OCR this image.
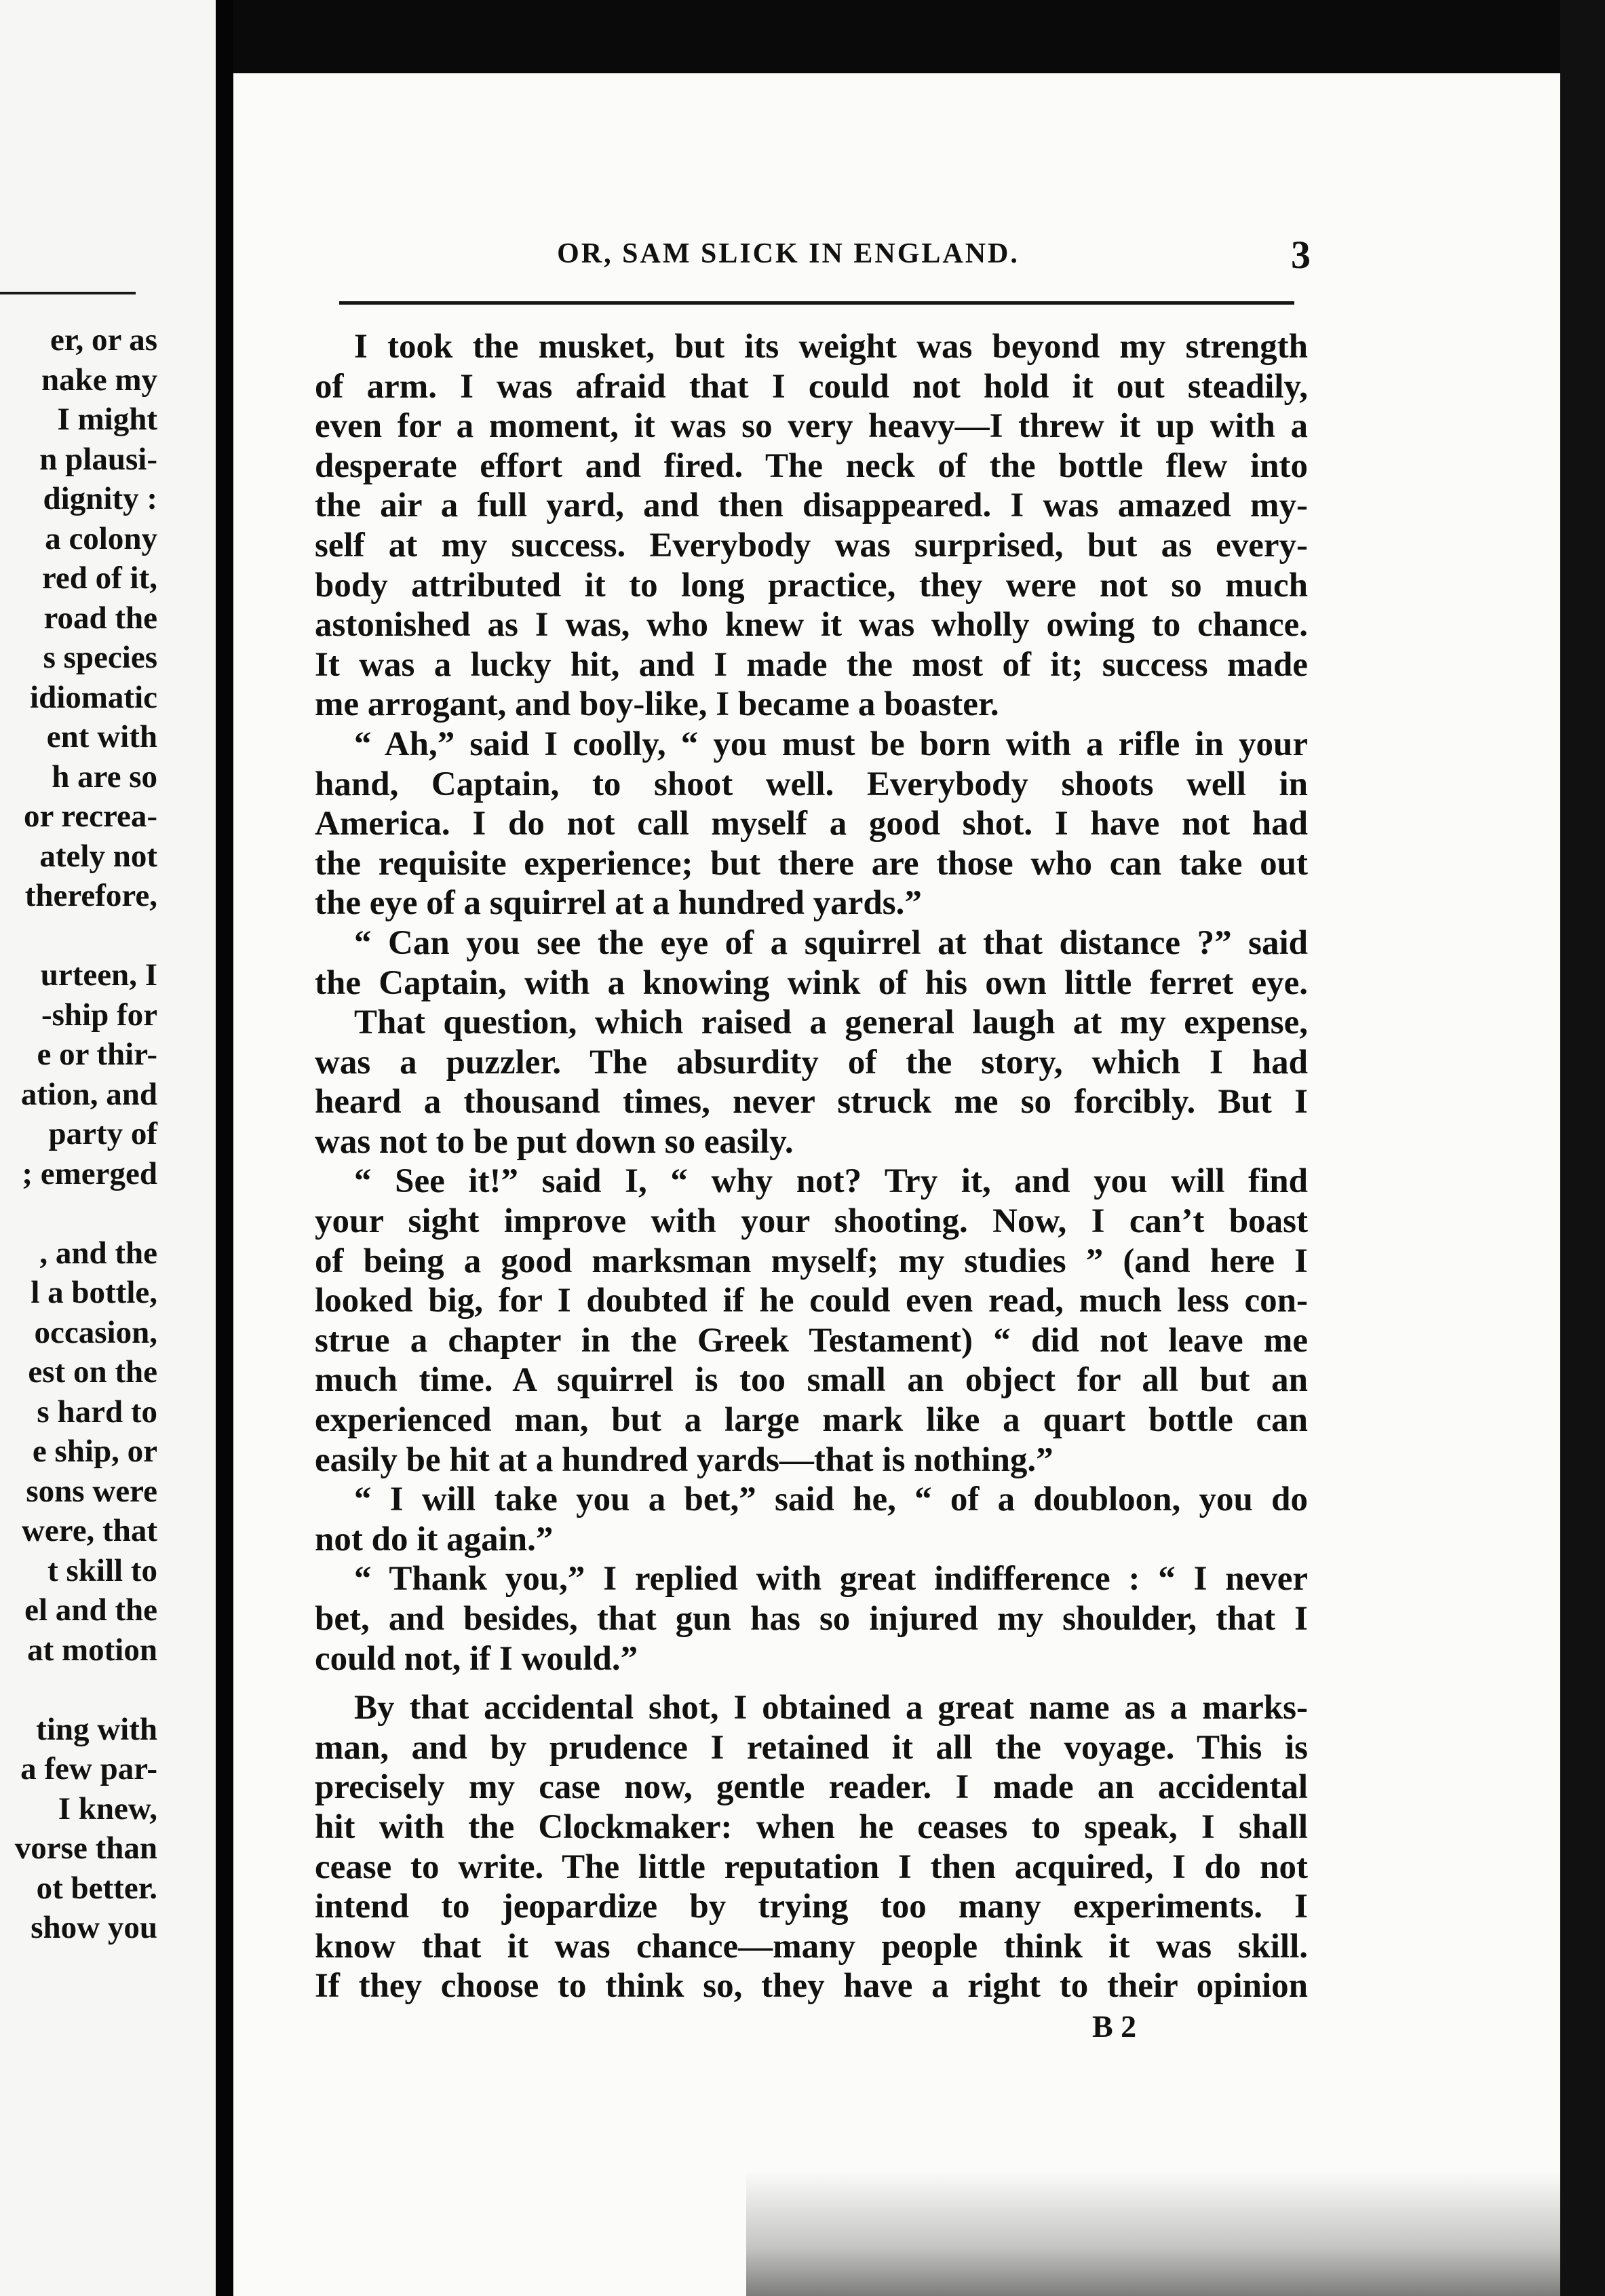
er, or as
nake my
I might
n plausi-
dignity :
a colony
red of it,
road the
s species
idiomatic
ent with
h are so
or recrea-
ately not
therefore,
urteen, I
-ship for
e or thir-
ation, and
party of
; emerged
, and the
l a bottle,
occasion,
est on the
s hard to
e ship, or
sons were
were, that
t skill to
el and the
at motion
ting with
a few par-
I knew,
vorse than
ot better.
show you
OR, SAM SLICK IN ENGLAND.	3
I took the musket, but its weight was beyond my strength
of arm. I was afraid that I could not hold it out steadily,
even for a moment, it was so very heavy—I threw it up with a
desperate effort and fired. The neck of the bottle flew into
the air a full yard, and then disappeared. I was amazed my-
self at my success. Everybody was surprised, but as every-
body attributed it to long practice, they were not so much
astonished as I was, who knew it was wholly owing to chance.
It was a lucky hit, and I made the most of it; success made
me arrogant, and boy-like, I became a boaster.
“ Ah,” said I coolly, “ you must be born with a rifle in your
hand, Captain, to shoot well. Everybody shoots well in
America. I do not call myself a good shot. I have not had
the requisite experience; but there are those who can take out
the eye of a squirrel at a hundred yards.”
“ Can you see the eye of a squirrel at that distance ?” said
the Captain, with a knowing wink of his own little ferret eye.
That question, which raised a general laugh at my expense,
was a puzzler. The absurdity of the story, which I had
heard a thousand times, never struck me so forcibly. But I
was not to be put down so easily.
“ See it!” said I, “ why not? Try it, and you will find
your sight improve with your shooting. Now, I can’t boast
of being a good marksman myself; my studies ” (and here I
looked big, for I doubted if he could even read, much less con-
strue a chapter in the Greek Testament) “ did not leave me
much time. A squirrel is too small an object for all but an
experienced man, but a large mark like a quart bottle can
easily be hit at a hundred yards—that is nothing.”
“ I will take you a bet,” said he, “ of a doubloon, you do
not do it again.”
“ Thank you,” I replied with great indifference : “ I never
bet, and besides, that gun has so injured my shoulder, that I
could not, if I would.”
By that accidental shot, I obtained a great name as a marks-
man, and by prudence I retained it all the voyage. This is
precisely my case now, gentle reader. I made an accidental
hit with the Clockmaker: when he ceases to speak, I shall
cease to write. The little reputation I then acquired, I do not
intend to jeopardize by trying too many experiments. I
know that it was chance—many people think it was skill.
If they choose to think so, they have a right to their opinion
B 2
